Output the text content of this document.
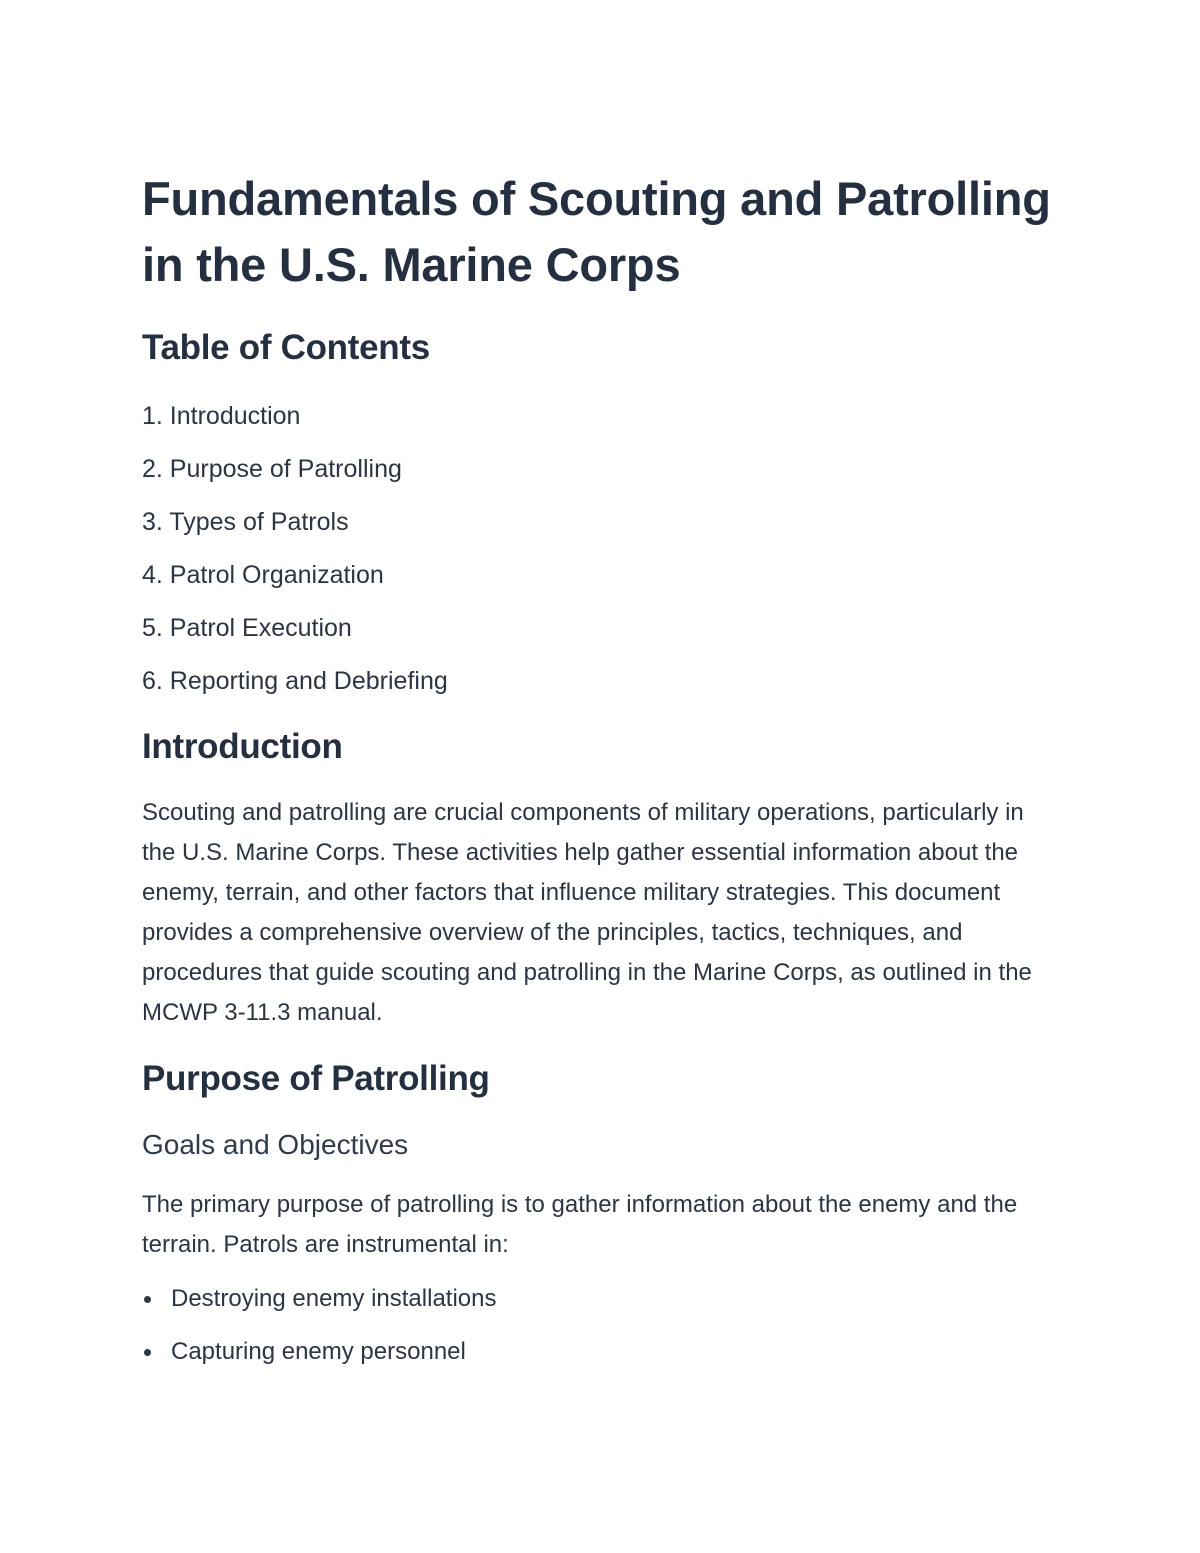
Fundamentals of Scouting and Patrolling in the U.S. Marine Corps
Table of Contents
1. Introduction
2. Purpose of Patrolling
3. Types of Patrols
4. Patrol Organization
5. Patrol Execution
6. Reporting and Debriefing
Introduction

Scouting and patrolling are crucial components of military operations, particularly in the U.S. Marine Corps. These activities help gather essential information about the enemy, terrain, and other factors that influence military strategies. This document provides a comprehensive overview of the principles, tactics, techniques, and procedures that guide scouting and patrolling in the Marine Corps, as outlined in the MCWP 3-11.3 manual.

Purpose of Patrolling
Goals and Objectives

The primary purpose of patrolling is to gather information about the enemy and the terrain. Patrols are instrumental in:

Destroying enemy installations
Capturing enemy personnel
